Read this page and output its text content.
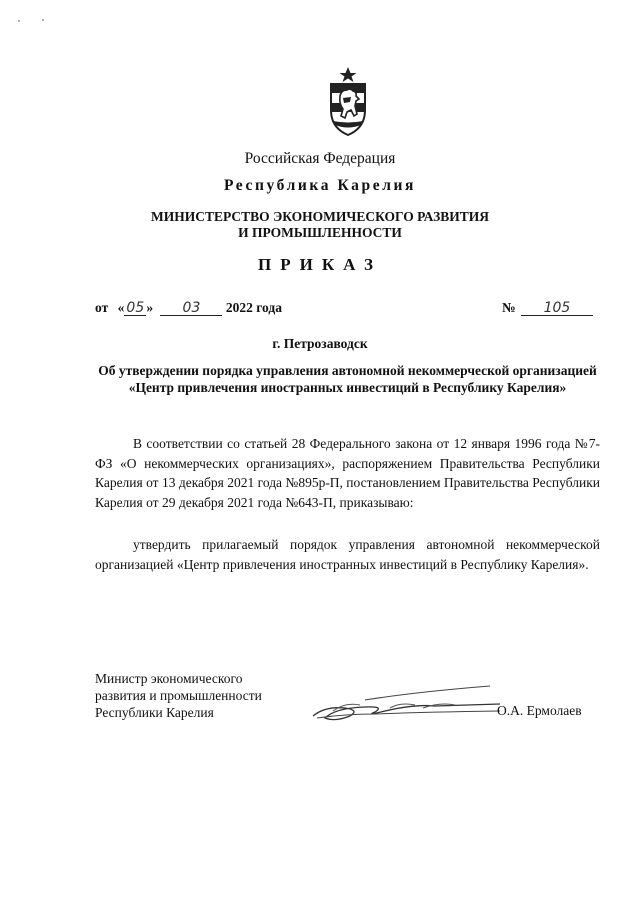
Российская Федерация
Республика Карелия
МИНИСТЕРСТВО ЭКОНОМИЧЕСКОГО РАЗВИТИЯ
И ПРОМЫШЛЕННОСТИ
ПРИКАЗ
от « 05 » 03 2022 года	№ 105
г. Петрозаводск
Об утверждении порядка управления автономной некоммерческой организацией «Центр привлечения иностранных инвестиций в Республику Карелия»
В соответствии со статьей 28 Федерального закона от 12 января 1996 года №7-ФЗ «О некоммерческих организациях», распоряжением Правительства Республики Карелия от 13 декабря 2021 года №895р-П, постановлением Правительства Республики Карелия от 29 декабря 2021 года №643-П, приказываю:
утвердить прилагаемый порядок управления автономной некоммерческой организацией «Центр привлечения иностранных инвестиций в Республику Карелия».
Министр экономического
развития и промышленности
Республики Карелия	О.А. Ермолаев
